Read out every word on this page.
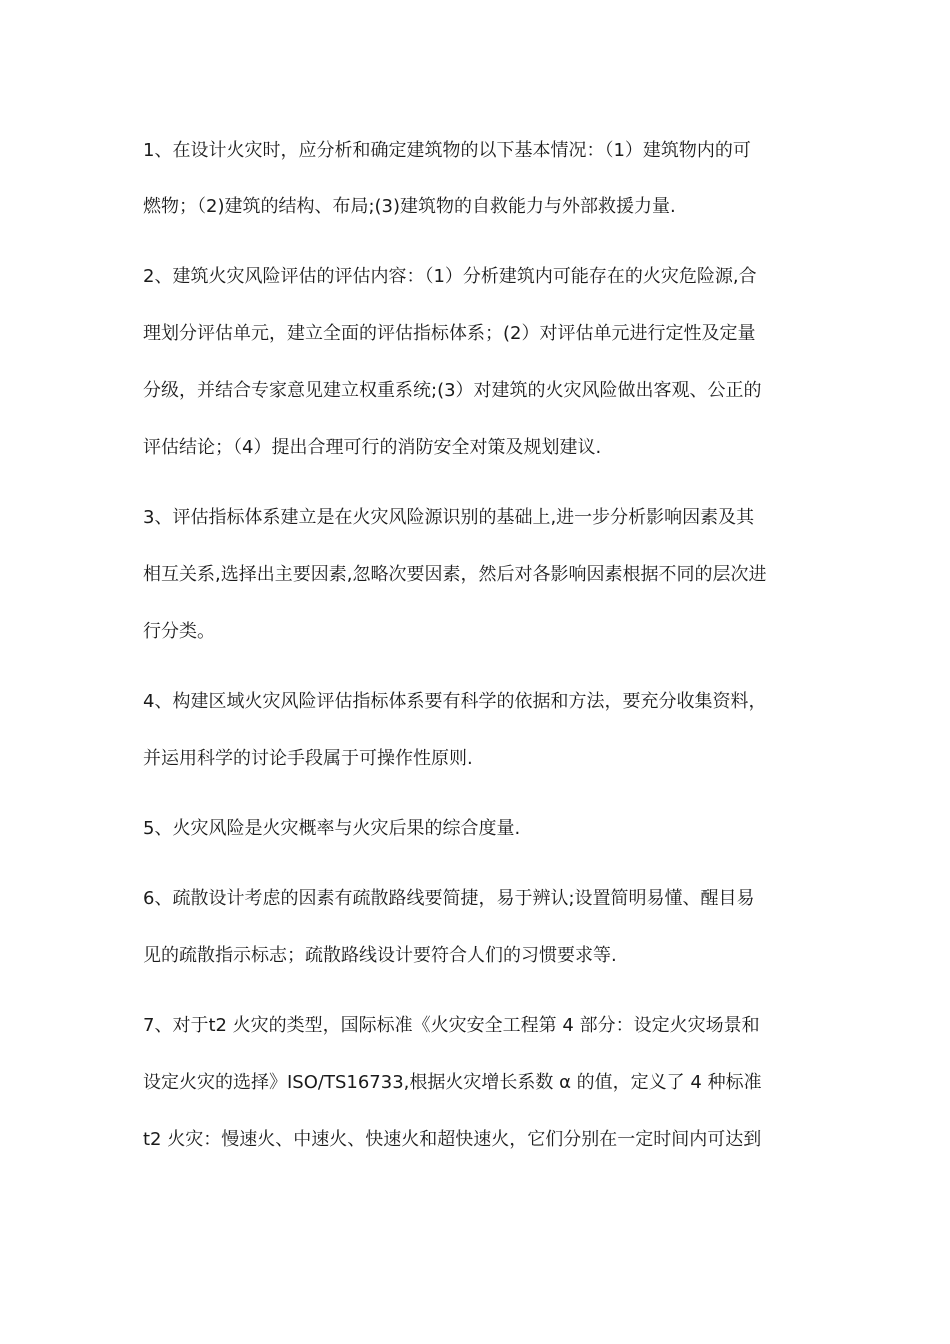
1、在设计火灾时，应分析和确定建筑物的以下基本情况：（1）建筑物内的可
燃物；（2)建筑的结构、布局;(3)建筑物的自救能力与外部救援力量.
2、建筑火灾风险评估的评估内容：（1）分析建筑内可能存在的火灾危险源,合
理划分评估单元，建立全面的评估指标体系；(2）对评估单元进行定性及定量
分级，并结合专家意见建立权重系统;(3）对建筑的火灾风险做出客观、公正的
评估结论；（4）提出合理可行的消防安全对策及规划建议.
3、评估指标体系建立是在火灾风险源识别的基础上,进一步分析影响因素及其
相互关系,选择出主要因素,忽略次要因素，然后对各影响因素根据不同的层次进
行分类。
4、构建区域火灾风险评估指标体系要有科学的依据和方法，要充分收集资料，
并运用科学的讨论手段属于可操作性原则.
5、火灾风险是火灾概率与火灾后果的综合度量.
6、疏散设计考虑的因素有疏散路线要简捷，易于辨认;设置简明易懂、醒目易
见的疏散指示标志；疏散路线设计要符合人们的习惯要求等.
7、对于t2 火灾的类型，国际标准《火灾安全工程第 4 部分：设定火灾场景和
设定火灾的选择》ISO/TS16733,根据火灾增长系数 α 的值，定义了 4 种标准
t2 火灾：慢速火、中速火、快速火和超快速火，它们分别在一定时间内可达到
